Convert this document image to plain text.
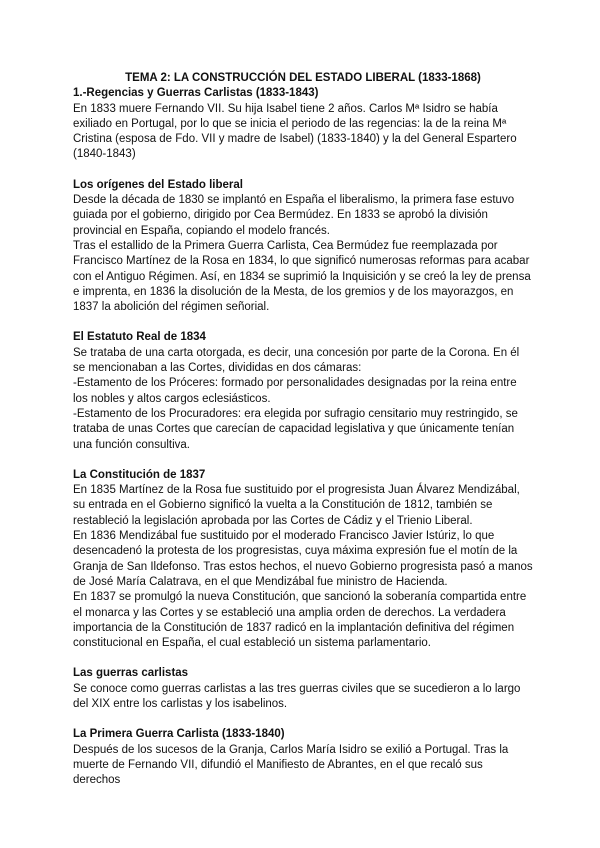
TEMA 2: LA CONSTRUCCIÓN DEL ESTADO LIBERAL (1833-1868)

1.-Regencias y Guerras Carlistas (1833-1843)

En 1833 muere Fernando VII. Su hija Isabel tiene 2 años. Carlos Mª Isidro se había exiliado en Portugal, por lo que se inicia el periodo de las regencias: la de la reina Mª Cristina (esposa de Fdo. VII y madre de Isabel) (1833-1840) y la del General Espartero (1840-1843)

Los orígenes del Estado liberal

Desde la década de 1830 se implantó en España el liberalismo, la primera fase estuvo guiada por el gobierno, dirigido por Cea Bermúdez. En 1833 se aprobó la división provincial en España, copiando el modelo francés.

Tras el estallido de la Primera Guerra Carlista, Cea Bermúdez fue reemplazada por Francisco Martínez de la Rosa en 1834, lo que significó numerosas reformas para acabar con el Antiguo Régimen. Así, en 1834 se suprimió la Inquisición y se creó la ley de prensa e imprenta, en 1836 la disolución de la Mesta, de los gremios y de los mayorazgos, en 1837 la abolición del régimen señorial.

El Estatuto Real de 1834

Se trataba de una carta otorgada, es decir, una concesión por parte de la Corona. En él se mencionaban a las Cortes, divididas en dos cámaras:

-Estamento de los Próceres: formado por personalidades designadas por la reina entre los nobles y altos cargos eclesiásticos.

-Estamento de los Procuradores: era elegida por sufragio censitario muy restringido, se trataba de unas Cortes que carecían de capacidad legislativa y que únicamente tenían una función consultiva.

La Constitución de 1837

En 1835 Martínez de la Rosa fue sustituido por el progresista Juan Álvarez Mendizábal, su entrada en el Gobierno significó la vuelta a la Constitución de 1812, también se restableció la legislación aprobada por las Cortes de Cádiz y el Trienio Liberal.

En 1836 Mendizábal fue sustituido por el moderado Francisco Javier Istúriz, lo que desencadenó la protesta de los progresistas, cuya máxima expresión fue el motín de la Granja de San Ildefonso. Tras estos hechos, el nuevo Gobierno progresista pasó a manos de José María Calatrava, en el que Mendizábal fue ministro de Hacienda.

En 1837 se promulgó la nueva Constitución, que sancionó la soberanía compartida entre el monarca y las Cortes y se estableció una amplia orden de derechos. La verdadera importancia de la Constitución de 1837 radicó en la implantación definitiva del régimen constitucional en España, el cual estableció un sistema parlamentario.

Las guerras carlistas

Se conoce como guerras carlistas a las tres guerras civiles que se sucedieron a lo largo del XIX entre los carlistas y los isabelinos.

La Primera Guerra Carlista (1833-1840)

Después de los sucesos de la Granja, Carlos María Isidro se exilió a Portugal. Tras la muerte de Fernando VII, difundió el Manifiesto de Abrantes, en el que recaló sus derechos
